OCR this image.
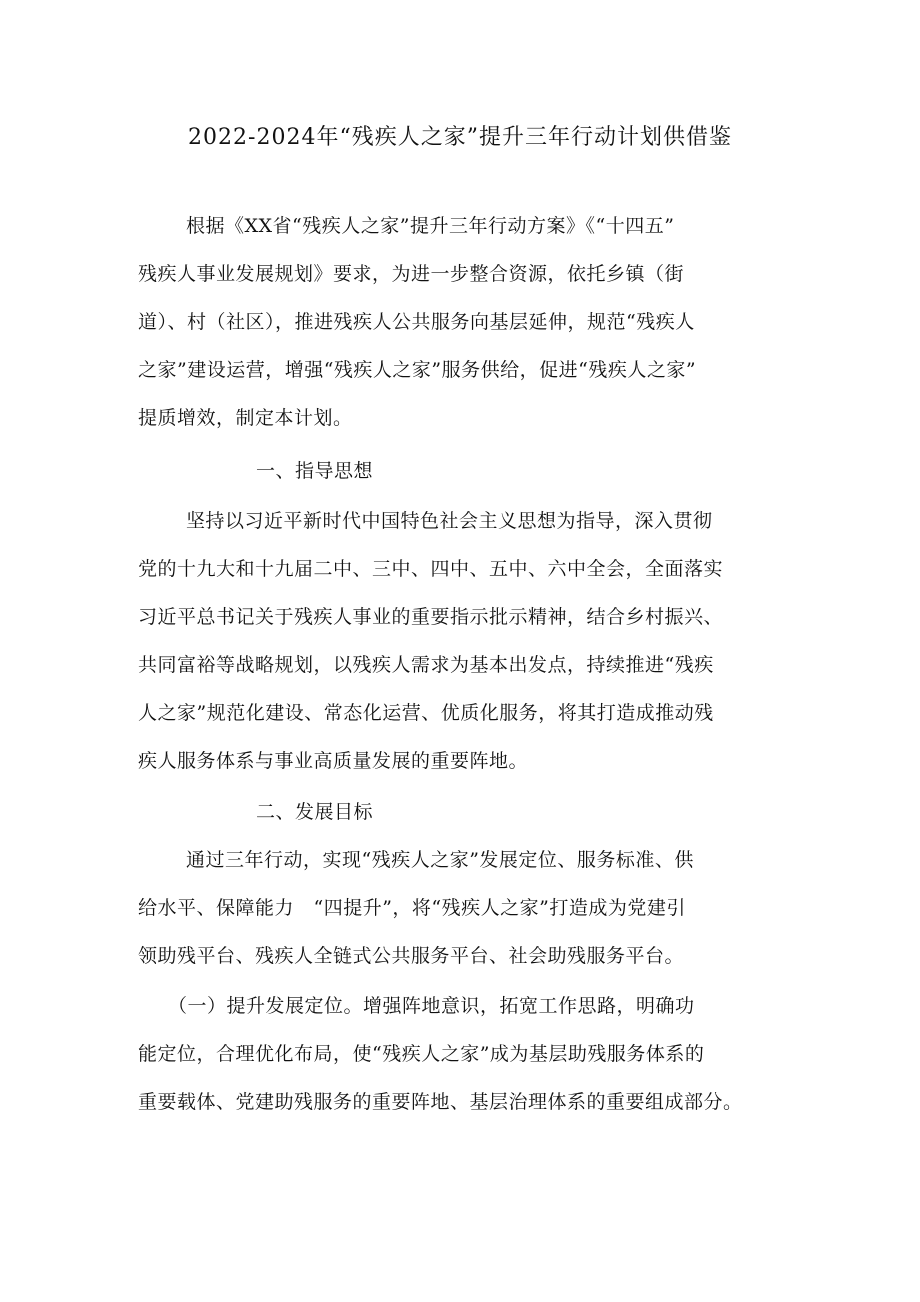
2022-2024年“残疾人之家”提升三年行动计划供借鉴
根据《XX省“残疾人之家”提升三年行动方案》《“十四五”
残疾人事业发展规划》要求，为进一步整合资源，依托乡镇（街
道）、村（社区），推进残疾人公共服务向基层延伸，规范“残疾人
之家”建设运营，增强“残疾人之家”服务供给，促进“残疾人之家”
提质增效，制定本计划。
一、指导思想
坚持以习近平新时代中国特色社会主义思想为指导，深入贯彻
党的十九大和十九届二中、三中、四中、五中、六中全会，全面落实
习近平总书记关于残疾人事业的重要指示批示精神，结合乡村振兴、
共同富裕等战略规划，以残疾人需求为基本出发点，持续推进“残疾
人之家”规范化建设、常态化运营、优质化服务，将其打造成推动残
疾人服务体系与事业高质量发展的重要阵地。
二、发展目标
通过三年行动，实现“残疾人之家”发展定位、服务标准、供
给水平、保障能力　“四提升”，将“残疾人之家”打造成为党建引
领助残平台、残疾人全链式公共服务平台、社会助残服务平台。
（一）提升发展定位。增强阵地意识，拓宽工作思路，明确功
能定位，合理优化布局，使“残疾人之家”成为基层助残服务体系的
重要载体、党建助残服务的重要阵地、基层治理体系的重要组成部分。
